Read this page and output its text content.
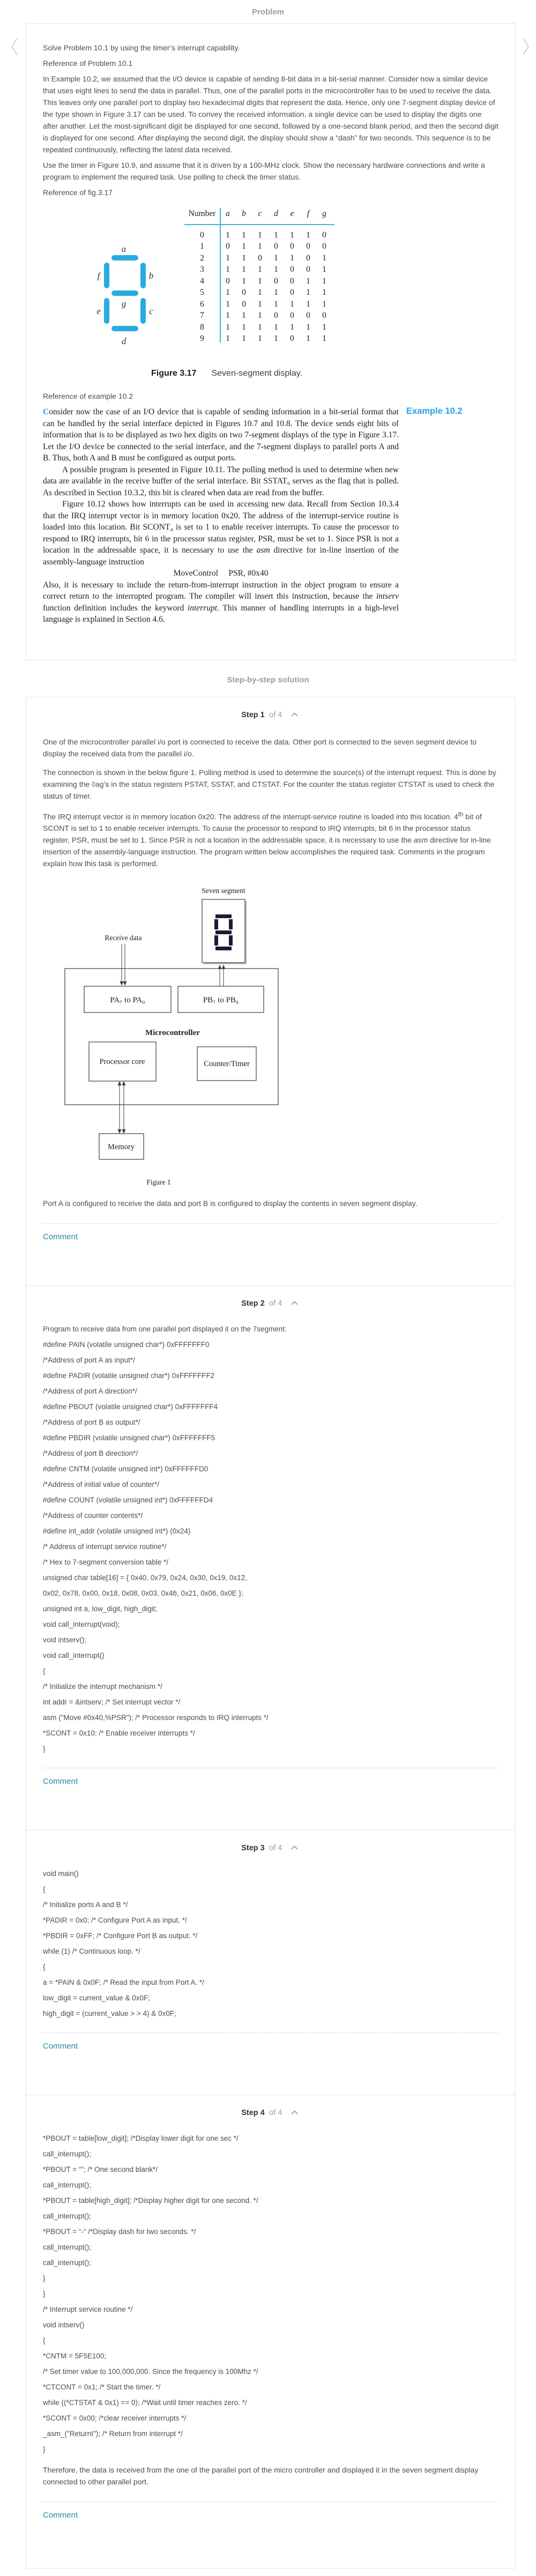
Problem

Solve Problem 10.1 by using the timer’s interrupt capability.

Reference of Problem 10.1

In Example 10.2, we assumed that the I/O device is capable of sending 8-bit data in a bit-serial manner. Consider now a similar device that uses eight lines to send the data in parallel. Thus, one of the parallel ports in the microcontroller has to be used to receive the data. This leaves only one parallel port to display two hexadecimal digits that represent the data. Hence, only one 7-segment display device of the type shown in Figure 3.17 can be used. To convey the received information, a single device can be used to display the digits one after another. Let the most-significant digit be displayed for one second, followed by a one-second blank period, and then the second digit is displayed for one second. After displaying the second digit, the display should show a “dash” for two seconds. This sequence is to be repeated continuously, reflecting the latest data received.

Use the timer in Figure 10.9, and assume that it is driven by a 100-MHz clock. Show the necessary hardware connections and write a program to implement the required task. Use polling to check the timer status.

Reference of fig.3.17

a
f	b
g
e	c
d
Number	a	b	c	d	e	f	g
0	1	1	1	1	1	1	0
1	0	1	1	0	0	0	0
2	1	1	0	1	1	0	1
3	1	1	1	1	0	0	1
4	0	1	1	0	0	1	1
5	1	0	1	1	0	1	1
6	1	0	1	1	1	1	1
7	1	1	1	0	0	0	0
8	1	1	1	1	1	1	1
9	1	1	1	1	0	1	1
Figure 3.17 Seven-segment display.

Reference of example 10.2

Example 10.2

Consider now the case of an I/O device that is capable of sending information in a bit-serial format that can be handled by the serial interface depicted in Figures 10.7 and 10.8. The device sends eight bits of information that is to be displayed as two hex digits on two 7-segment displays of the type in Figure 3.17. Let the I/O device be connected to the serial interface, and the 7-segment displays to parallel ports A and B. Thus, both A and B must be configured as output ports.

A possible program is presented in Figure 10.11. The polling method is used to determine when new data are available in the receive buffer of the serial interface. Bit SSTAT₀ serves as the flag that is polled. As described in Section 10.3.2, this bit is cleared when data are read from the buffer.

Figure 10.12 shows how interrupts can be used in accessing new data. Recall from Section 10.3.4 that the IRQ interrupt vector is in memory location 0x20. The address of the interrupt-service routine is loaded into this location. Bit SCONT₄ is set to 1 to enable receiver interrupts. To cause the processor to respond to IRQ interrupts, bit 6 in the processor status register, PSR, must be set to 1. Since PSR is not a location in the addressable space, it is necessary to use the asm directive for in-line insertion of the assembly-language instruction

MoveControl     PSR, #0x40

Also, it is necessary to include the return-from-interrupt instruction in the object program to ensure a correct return to the interrupted program. The compiler will insert this instruction, because the intserv function definition includes the keyword interrupt. This manner of handling interrupts in a high-level language is explained in Section 4.6.

Step-by-step solution
Step 1 of 4

One of the microcontroller parallel i/o port is connected to receive the data. Other port is connected to the seven segment device to display the received data from the parallel i/o.

The connection is shown in the below figure 1. Polling method is used to determine the source(s) of the interrupt request. This is done by examining the ◊ag’s in the status registers PSTAT, SSTAT, and CTSTAT. For the counter the status register CTSTAT is used to check the status of timer.

The IRQ interrupt vector is in memory location 0x20. The address of the interrupt-service routine is loaded into this location. 4th bit of SCONT is set to 1 to enable receiver interrupts. To cause the processor to respond to IRQ interrupts, bit 6 in the processor status register, PSR, must be set to 1. Since PSR is not a location in the addressable space, it is necessary to use the asm directive for in-line insertion of the assembly-language instruction. The program written below accomplishes the required task. Comments in the program explain how this task is performed.

Seven segment
Receive data
PA₇ to PA₀	PB₇ to PB₀
Microcontroller
Processor core	Counter/Timer
Memory
Figure 1

Port A is configured to receive the data and port B is configured to display the contents in seven segment display.

Comment
Step 2 of 4

Program to receive data from one parallel port displayed it on the 7segment:

#define PAIN (volatile unsigned char*) 0xFFFFFFF0

/*Address of port A as input*/

#define PADIR (volatile unsigned char*) 0xFFFFFFF2

/*Address of port A direction*/

#define PBOUT (volatile unsigned char*) 0xFFFFFFF4

/*Address of port B as output*/

#define PBDIR (volatile unsigned char*) 0xFFFFFFF5

/*Address of port B direction*/

#define CNTM (volatile unsigned int*) 0xFFFFFFD0

/*Address of initial value of counter*/

#define COUNT (volatile unsigned int*) 0xFFFFFFD4

/*Address of counter contents*/

#define int_addr (volatile unsigned int*) (0x24)

/* Address of interrupt service routine*/

/* Hex to 7-segment conversion table */

unsigned char table[16] = { 0x40, 0x79, 0x24, 0x30, 0x19, 0x12,

0x02, 0x78, 0x00, 0x18, 0x08, 0x03, 0x46, 0x21, 0x06, 0x0E };

unsigned int a, low_digit, high_digit;

void call_interrupt(void);

void intserv();

void call_interrupt()

{

/* Initialize the interrupt mechanism */

int addr = &intserv; /* Set interrupt vector */

asm ("Move #0x40,%PSR"); /* Processor responds to IRQ interrupts */

*SCONT = 0x10; /* Enable receiver interrupts */

}

Comment
Step 3 of 4

void main()

{

/* Initialize ports A and B */

*PADIR = 0x0; /* Configure Port A as input. */

*PBDIR = 0xFF; /* Configure Port B as output. */

while (1) /* Continuous loop. */

{

a = *PAIN & 0x0F; /* Read the input from Port A. */

low_digit = current_value & 0x0F;

high_digit = (current_value > > 4) & 0x0F;

Comment
Step 4 of 4

*PBOUT = table[low_digit]; /*Display lower digit for one sec */

call_interrupt();

*PBOUT = “”; /* One second blank*/

call_interrupt();

*PBOUT = table[high_digit]; /*Display higher digit for one second. */

call_interrupt();

*PBOUT = “-“ /*Display dash for two seconds. */

call_interrupt();

call_interrupt();

}

}

/* Interrupt service routine */

void intserv()

{

*CNTM = 5F5E100;

/* Set timer value to 100,000,000. Since the frequency is 100Mhz */

*CTCONT = 0x1; /* Start the timer. */

while ((*CTSTAT & 0x1) == 0); /*Wait until timer reaches zero. */

*SCONT = 0x00; /*clear receiver interrupts */

_asm_("ReturnI"); /* Return from interrupt */

}

Therefore, the data is received from the one of the parallel port of the micro controller and displayed it in the seven segment display connected to other parallel port.

Comment
